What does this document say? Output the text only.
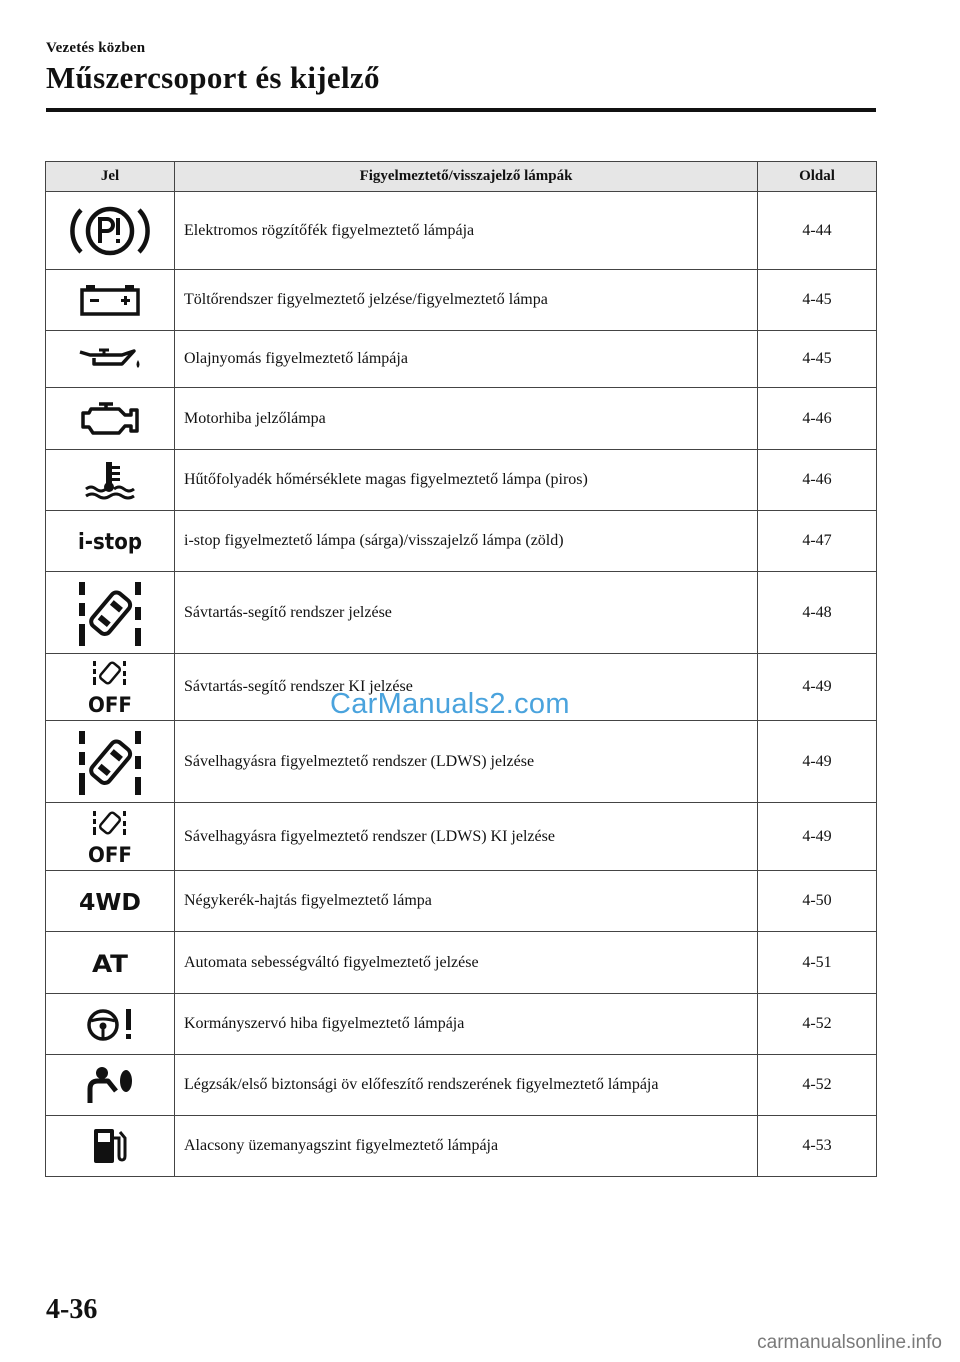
Vezetés közben
Műszercsoport és kijelző
Jel	Figyelmeztető/visszajelző lámpák	Oldal
	Elektromos rögzítőfék figyelmeztető lámpája	4-44
	Töltőrendszer figyelmeztető jelzése/figyelmeztető lámpa	4-45
	Olajnyomás figyelmeztető lámpája	4-45
	Motorhiba jelzőlámpa	4-46
	Hűtőfolyadék hőmérséklete magas figyelmeztető lámpa (piros)	4-46

i-stop	i-stop figyelmeztető lámpa (sárga)/visszajelző lámpa (zöld)	4-47
	Sávtartás-segítő rendszer jelzése	4-48

OFF	Sávtartás-segítő rendszer KI jelzése	4-49
	Sávelhagyásra figyelmeztető rendszer (LDWS) jelzése	4-49

OFF	Sávelhagyásra figyelmeztető rendszer (LDWS) KI jelzése	4-49

4WD	Négykerék-hajtás figyelmeztető lámpa	4-50

AT	Automata sebességváltó figyelmeztető jelzése	4-51
	Kormányszervó hiba figyelmeztető lámpája	4-52
	Légzsák/első biztonsági öv előfeszítő rendszerének figyelmeztető lámpája	4-52
	Alacsony üzemanyagszint figyelmeztető lámpája	4-53
CarManuals2.com
4-36
carmanualsonline.info
